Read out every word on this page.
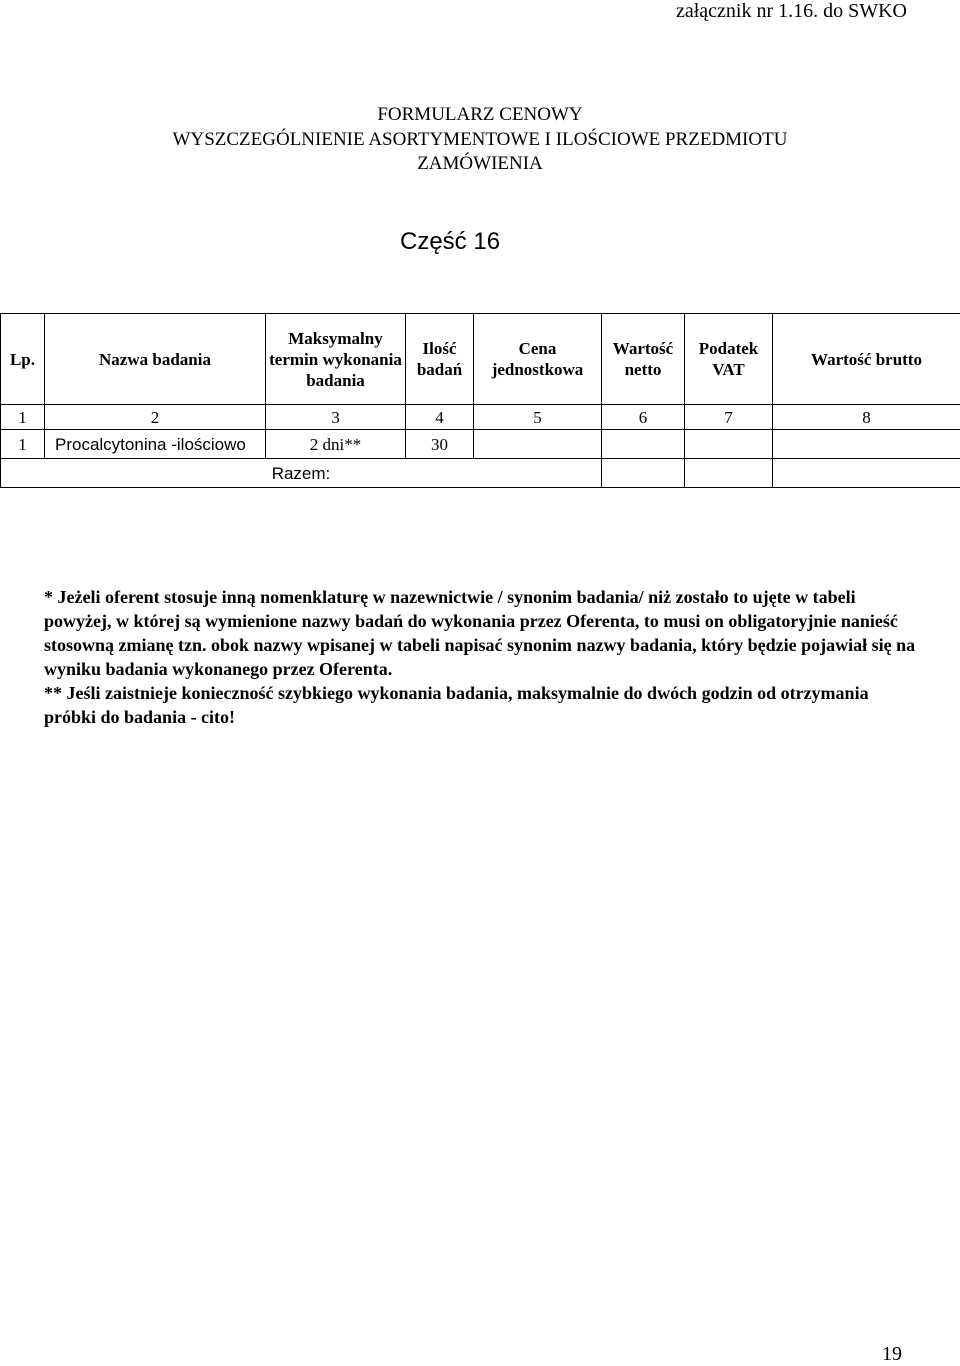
załącznik nr 1.16. do SWKO
FORMULARZ CENOWY
WYSZCZEGÓLNIENIE ASORTYMENTOWE I ILOŚCIOWE PRZEDMIOTU
ZAMÓWIENIA
Część 16
Lp.	Nazwa badania	Maksymalny termin wykonania badania	Ilość badań	Cena jednostkowa	Wartość netto	Podatek VAT	Wartość brutto
1	2	3	4	5	6	7	8
1	Procalcytonina -ilościowo	2 dni**	30				
Razem:							

* Jeżeli oferent stosuje inną nomenklaturę w nazewnictwie / synonim badania/ niż zostało to ujęte w tabeli powyżej, w której są wymienione nazwy badań do wykonania przez Oferenta, to musi on obligatoryjnie nanieść stosowną zmianę tzn. obok nazwy wpisanej w tabeli napisać synonim nazwy badania, który będzie pojawiał się na wyniku badania wykonanego przez Oferenta.

** Jeśli zaistnieje konieczność szybkiego wykonania badania, maksymalnie do dwóch godzin od otrzymania próbki do badania - cito!

19
